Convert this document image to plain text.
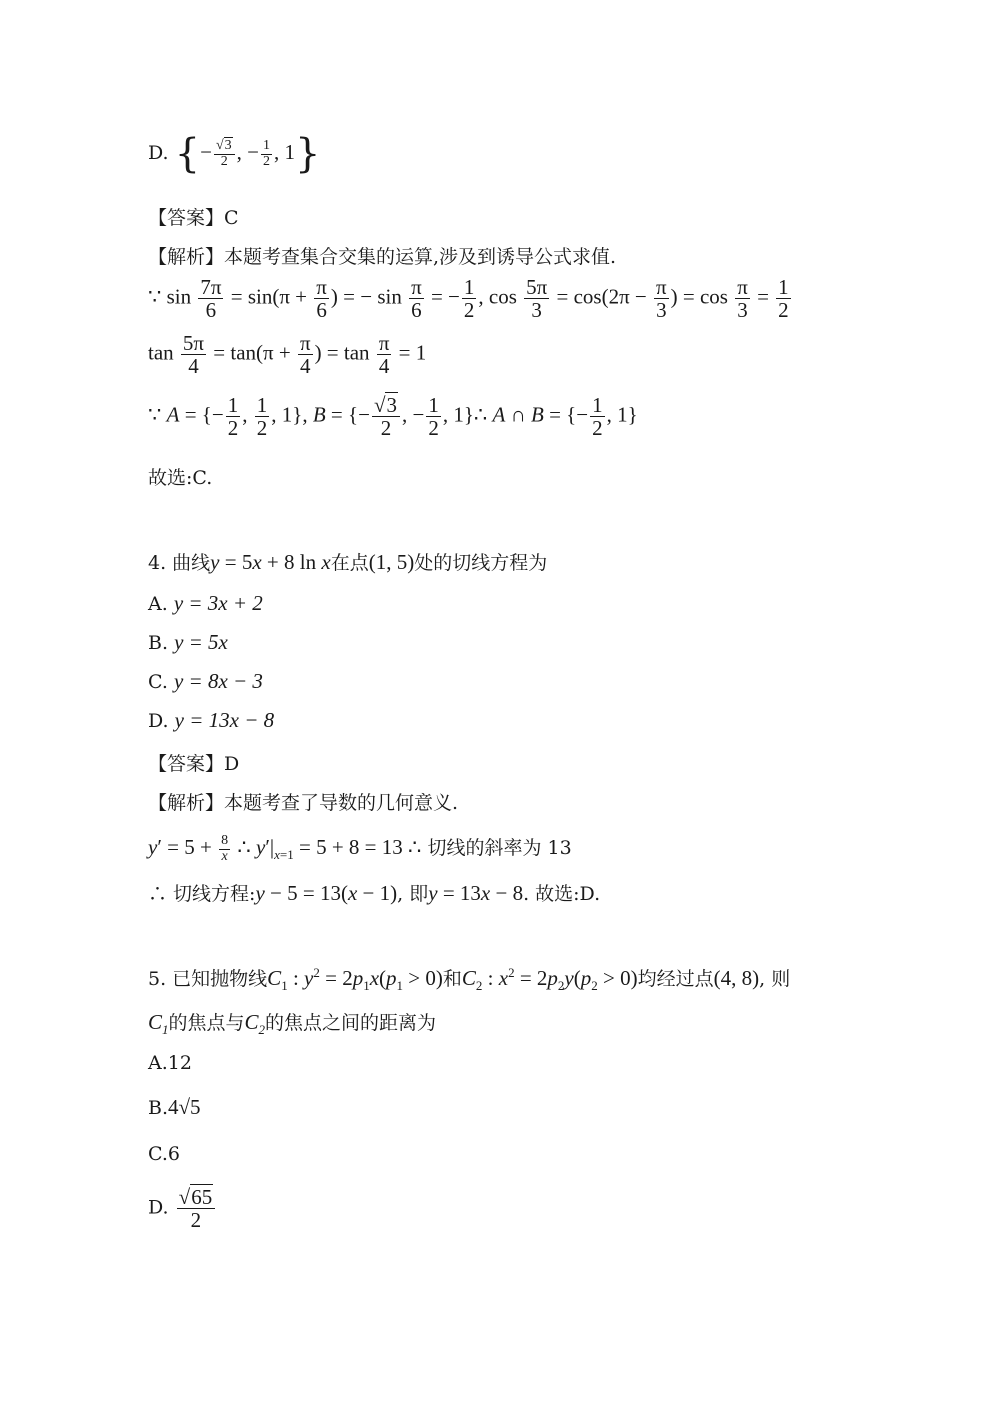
D. {− $\frac{√3}{2}$ , − $\frac{1}{2}$ , 1}
【答案】C
【解析】本题考查集合交集的运算,涉及到诱导公式求值.
∵ $\sin \frac{7\pi}{6} = \sin(\pi + \frac{\pi}{6}$ ) = − $\sin \frac{\pi}{6}$ = − $\frac{1}{2}$ , $\cos \frac{5\pi}{3} = \cos(2\pi - \frac{\pi}{3}$ ) = $\cos \frac{\pi}{3} = \frac{1}{2}$
$\tan \frac{5\pi}{4} = \tan(\pi + \frac{\pi}{4}$ ) = $\tan \frac{\pi}{4} = 1$
∵ A = {− $\frac{1}{2}$ , $\frac{1}{2}$ , 1}, B = {− $\frac{√3}{2}$ , − $\frac{1}{2}$ , 1}∴ A ∩ B = {− $\frac{1}{2}$ , 1}
故选:C.
4. 曲线y = 5x + 8 ln x在点(1, 5)处的切线方程为
A. y = 3x + 2
B. y = 5x
C. y = 8x − 3
D. y = 13x − 8
【答案】D
【解析】本题考查了导数的几何意义.
$y' = 5 + \frac{8}{x}$ ∴ $y'|_{x=1} = 5 + 8 = 13$ ∴ 切线的斜率为 13
∴ 切线方程:y − 5 = 13(x − 1), 即y = 13x − 8. 故选:D.
5. 已知抛物线$C_1$ : $y^2 = 2p_1x(p_1 > 0)$和$C_2$ : $x^2 = 2p_2y(p_2 > 0)$均经过点(4, 8), 则
$C_1$的焦点与$C_2$的焦点之间的距离为
A.12
B.4√5
C.6
D. $\frac{√65}{2}$
